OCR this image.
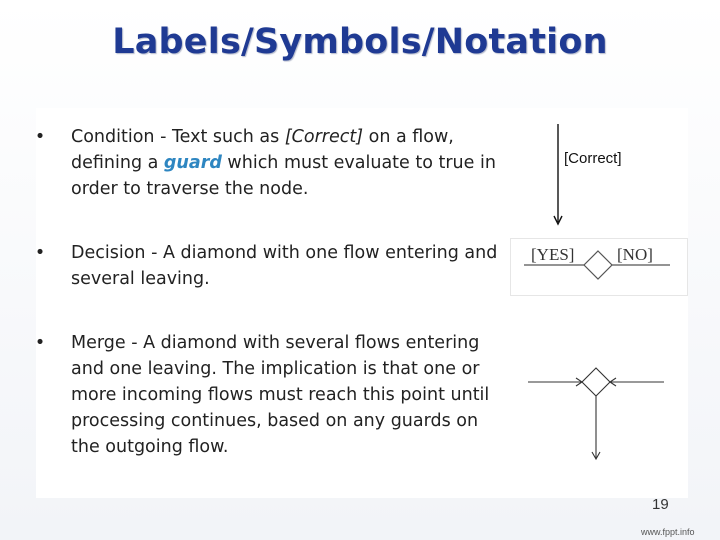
Labels/Symbols/Notation
• Condition - Text such as [Correct] on a flow, defining a guard which must evaluate to true in order to traverse the node.
• Decision - A diamond with one flow entering and several leaving.
• Merge - A diamond with several flows entering and one leaving. The implication is that one or more incoming flows must reach this point until processing continues, based on any guards on the outgoing flow.
[Correct]
[YES]	[NO]
19
www.fppt.info
